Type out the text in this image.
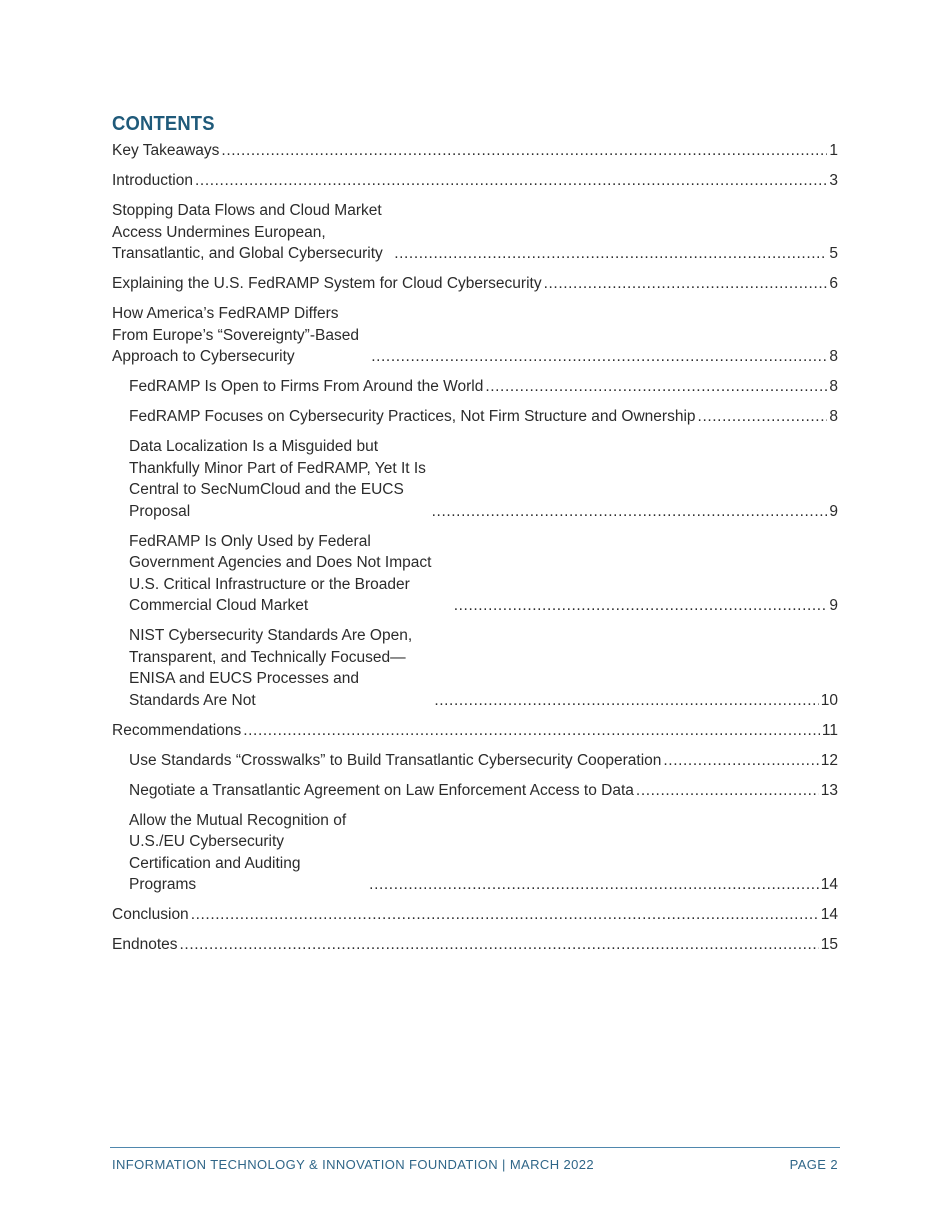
CONTENTS
Key Takeaways .....	1
Introduction .....	3
Stopping Data Flows and Cloud Market Access Undermines European, Transatlantic, and Global Cybersecurity .....	5
Explaining the U.S. FedRAMP System for Cloud Cybersecurity .....	6
How America’s FedRAMP Differs From Europe’s “Sovereignty”-Based Approach to Cybersecurity .....	8
FedRAMP Is Open to Firms From Around the World .....	8
FedRAMP Focuses on Cybersecurity Practices, Not Firm Structure and Ownership .....	8
Data Localization Is a Misguided but Thankfully Minor Part of FedRAMP, Yet It Is Central to SecNumCloud and the EUCS Proposal .....	9
FedRAMP Is Only Used by Federal Government Agencies and Does Not Impact U.S. Critical Infrastructure or the Broader Commercial Cloud Market .....	9
NIST Cybersecurity Standards Are Open, Transparent, and Technically Focused— ENISA and EUCS Processes and Standards Are Not .....	10
Recommendations .....	11
Use Standards “Crosswalks” to Build Transatlantic Cybersecurity Cooperation .....	12
Negotiate a Transatlantic Agreement on Law Enforcement Access to Data .....	13
Allow the Mutual Recognition of U.S./EU Cybersecurity Certification and Auditing Programs .....	14
Conclusion .....	14
Endnotes .....	15
INFORMATION TECHNOLOGY & INNOVATION FOUNDATION | MARCH 2022	PAGE 2
